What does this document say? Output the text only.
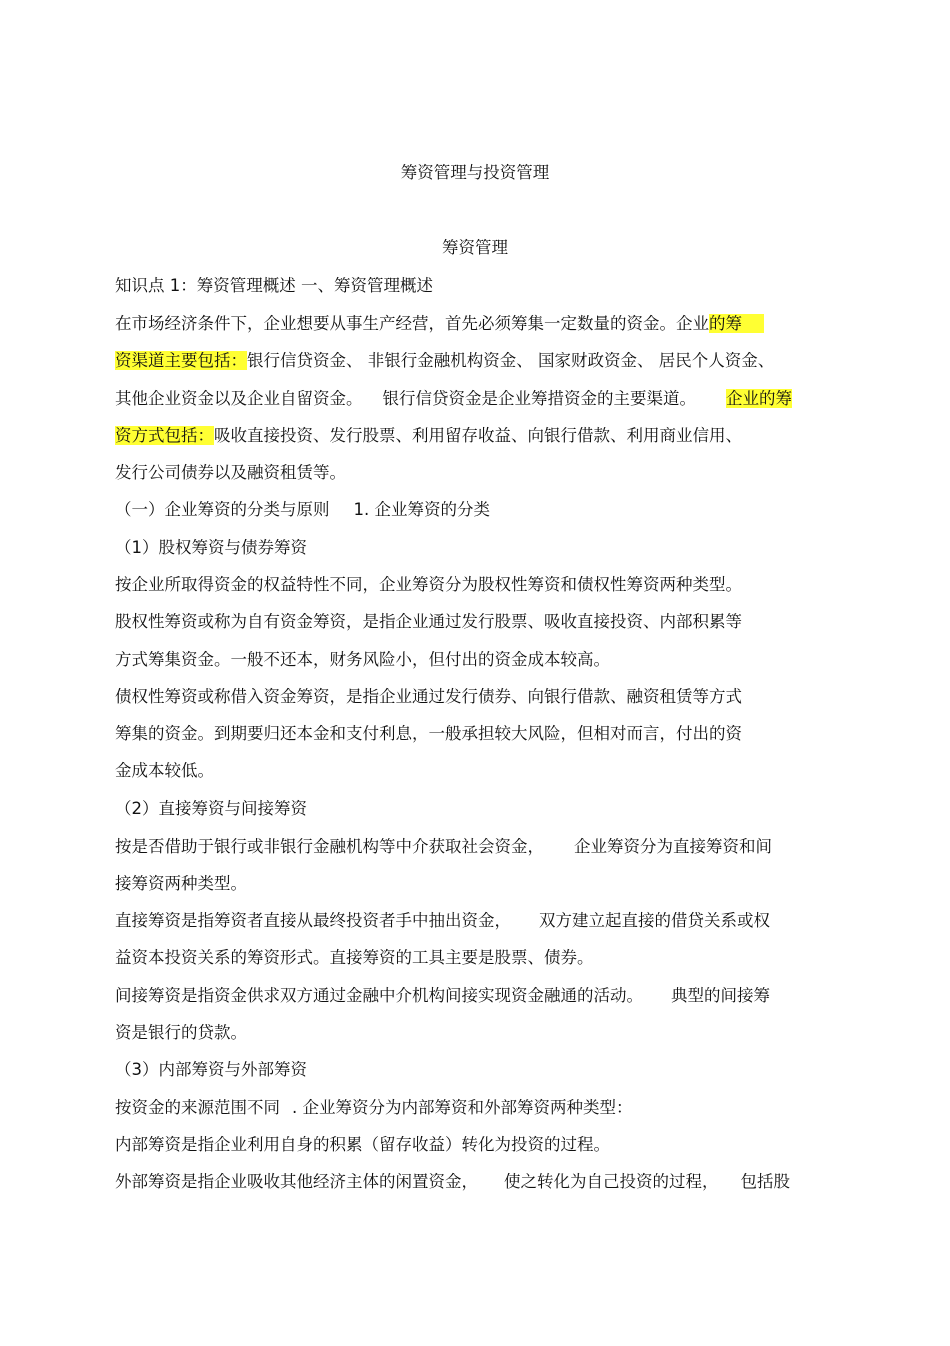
筹资管理与投资管理

筹资管理

知识点 1：筹资管理概述 一、筹资管理概述

在市场经济条件下，企业想要从事生产经营，首先必须筹集一定数量的资金。企业的筹

资渠道主要包括：银行信贷资金、 非银行金融机构资金、 国家财政资金、 居民个人资金、

其他企业资金以及企业自留资金。 银行信贷资金是企业筹措资金的主要渠道。 企业的筹

资方式包括：吸收直接投资、发行股票、利用留存收益、向银行借款、利用商业信用、

发行公司债券以及融资租赁等。

（一）企业筹资的分类与原则 1. 企业筹资的分类

（1）股权筹资与债券筹资

按企业所取得资金的权益特性不同，企业筹资分为股权性筹资和债权性筹资两种类型。

股权性筹资或称为自有资金筹资，是指企业通过发行股票、吸收直接投资、内部积累等

方式筹集资金。一般不还本，财务风险小，但付出的资金成本较高。

债权性筹资或称借入资金筹资，是指企业通过发行债券、向银行借款、融资租赁等方式

筹集的资金。到期要归还本金和支付利息，一般承担较大风险，但相对而言，付出的资

金成本较低。

（2）直接筹资与间接筹资

按是否借助于银行或非银行金融机构等中介获取社会资金， 企业筹资分为直接筹资和间

接筹资两种类型。

直接筹资是指筹资者直接从最终投资者手中抽出资金， 双方建立起直接的借贷关系或权

益资本投资关系的筹资形式。直接筹资的工具主要是股票、债券。

间接筹资是指资金供求双方通过金融中介机构间接实现资金融通的活动。 典型的间接筹

资是银行的贷款。

（3）内部筹资与外部筹资

按资金的来源范围不同 . 企业筹资分为内部筹资和外部筹资两种类型：

内部筹资是指企业利用自身的积累（留存收益）转化为投资的过程。

外部筹资是指企业吸收其他经济主体的闲置资金， 使之转化为自己投资的过程， 包括股
